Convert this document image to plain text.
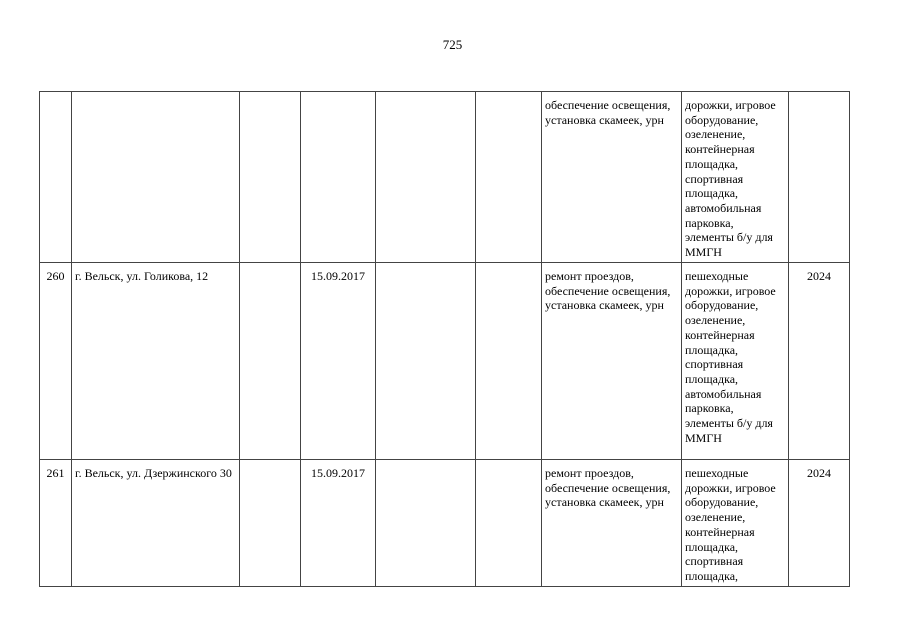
725
						обеспечение освещения, установка скамеек, урн	дорожки, игровое оборудование, озеленение, контейнерная площадка, спортивная площадка, автомобильная парковка, элементы б/у для ММГН	
260	г. Вельск, ул. Голикова, 12		15.09.2017			ремонт проездов, обеспечение освещения, установка скамеек, урн	пешеходные дорожки, игровое оборудование, озеленение, контейнерная площадка, спортивная площадка, автомобильная парковка, элементы б/у для ММГН	2024
261	г. Вельск, ул. Дзержинского 30		15.09.2017			ремонт проездов, обеспечение освещения, установка скамеек, урн	пешеходные дорожки, игровое оборудование, озеленение, контейнерная площадка, спортивная площадка,	2024
